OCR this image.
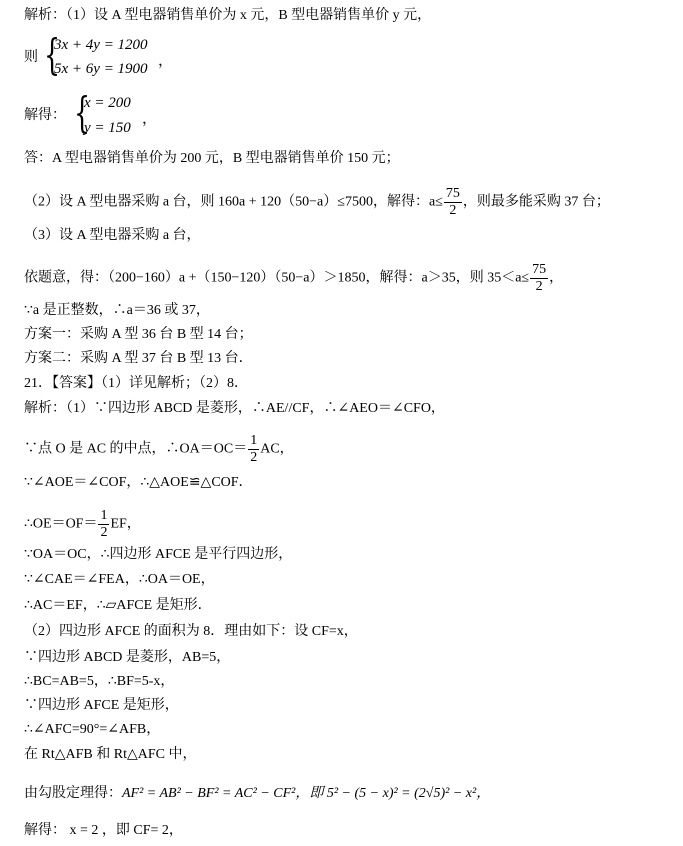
解析：（1）设 A 型电器销售单价为 x 元，B 型电器销售单价 y 元，
则 {
3x + 4y = 1200
5x + 6y = 1900 ，
解得： {
x = 200
y = 150
，
答：A 型电器销售单价为 200 元，B 型电器销售单价 150 元；
（2）设 A 型电器采购 a 台，则 160a + 120（50−a）≤7500，解得：$a\le \frac{75}{2}$ ，则最多能采购 37 台；
（3）设 A 型电器采购 a 台，
依题意，得：（200−160）a +（150−120）（50−a）＞1850，解得：a＞35，则 $35<a\le \frac{75}{2}$ ，
∵a 是正整数，∴a＝36 或 37，
方案一：采购 A 型 36 台 B 型 14 台；
方案二：采购 A 型 37 台 B 型 13 台．
21．【答案】（1）详见解析；（2）8．
解析：（1）∵四边形 ABCD 是菱形，∴AE//CF，∴∠AEO＝∠CFO，
∵点 O 是 AC 的中点，∴OA＝OC＝ $\frac{1}{2}$ AC，
∵∠AOE＝∠COF，∴△AOE≌△COF．
∴OE＝OF＝ $\frac{1}{2}$ EF，
∵OA＝OC，∴四边形 AFCE 是平行四边形，
∵∠CAE＝∠FEA，∴OA＝OE，
∴AC＝EF，∴▱AFCE 是矩形．
（2）四边形 AFCE 的面积为 8．理由如下：设 CF=x，
∵四边形 ABCD 是菱形，AB=5，
∴BC=AB=5，∴BF=5-x，
∵四边形 AFCE 是矩形，
∴∠AFC=90°=∠AFB，
在 Rt△AFB 和 Rt△AFC 中，
由勾股定理得：AF² = AB² − BF² = AC² − CF²，即 5² − (5 − x)² = (2√5)² − x²，
解得： x = 2 ，即 CF= 2，
